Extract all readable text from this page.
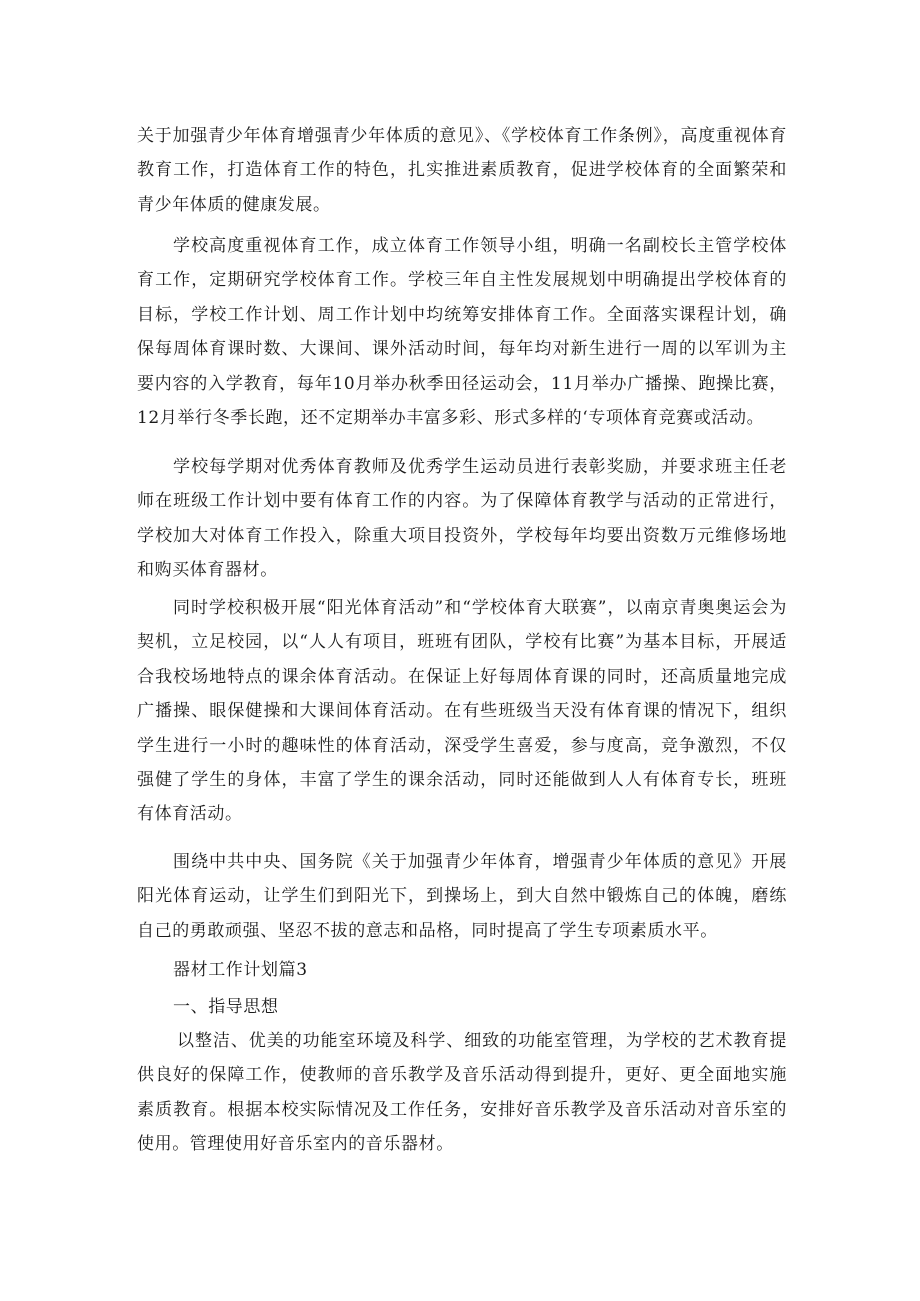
关于加强青少年体育增强青少年体质的意见》、《学校体育工作条例》，高度重视体育教育工作，打造体育工作的特色，扎实推进素质教育，促进学校体育的全面繁荣和青少年体质的健康发展。

学校高度重视体育工作，成立体育工作领导小组，明确一名副校长主管学校体育工作，定期研究学校体育工作。学校三年自主性发展规划中明确提出学校体育的目标，学校工作计划、周工作计划中均统筹安排体育工作。全面落实课程计划，确保每周体育课时数、大课间、课外活动时间，每年均对新生进行一周的以军训为主要内容的入学教育，每年10月举办秋季田径运动会，11月举办广播操、跑操比赛，12月举行冬季长跑，还不定期举办丰富多彩、形式多样的‘专项体育竞赛或活动。

学校每学期对优秀体育教师及优秀学生运动员进行表彰奖励，并要求班主任老师在班级工作计划中要有体育工作的内容。为了保障体育教学与活动的正常进行，学校加大对体育工作投入，除重大项目投资外，学校每年均要出资数万元维修场地和购买体育器材。

同时学校积极开展“阳光体育活动”和“学校体育大联赛”，以南京青奥奥运会为契机，立足校园，以“人人有项目，班班有团队，学校有比赛”为基本目标，开展适合我校场地特点的课余体育活动。在保证上好每周体育课的同时，还高质量地完成广播操、眼保健操和大课间体育活动。在有些班级当天没有体育课的情况下，组织学生进行一小时的趣味性的体育活动，深受学生喜爱，参与度高，竞争激烈，不仅强健了学生的身体，丰富了学生的课余活动，同时还能做到人人有体育专长，班班有体育活动。

围绕中共中央、国务院《关于加强青少年体育，增强青少年体质的意见》开展阳光体育运动，让学生们到阳光下，到操场上，到大自然中锻炼自己的体魄，磨练自己的勇敢顽强、坚忍不拔的意志和品格，同时提高了学生专项素质水平。

器材工作计划篇3

一、指导思想

以整洁、优美的功能室环境及科学、细致的功能室管理，为学校的艺术教育提供良好的保障工作，使教师的音乐教学及音乐活动得到提升，更好、更全面地实施素质教育。根据本校实际情况及工作任务，安排好音乐教学及音乐活动对音乐室的使用。管理使用好音乐室内的音乐器材。
